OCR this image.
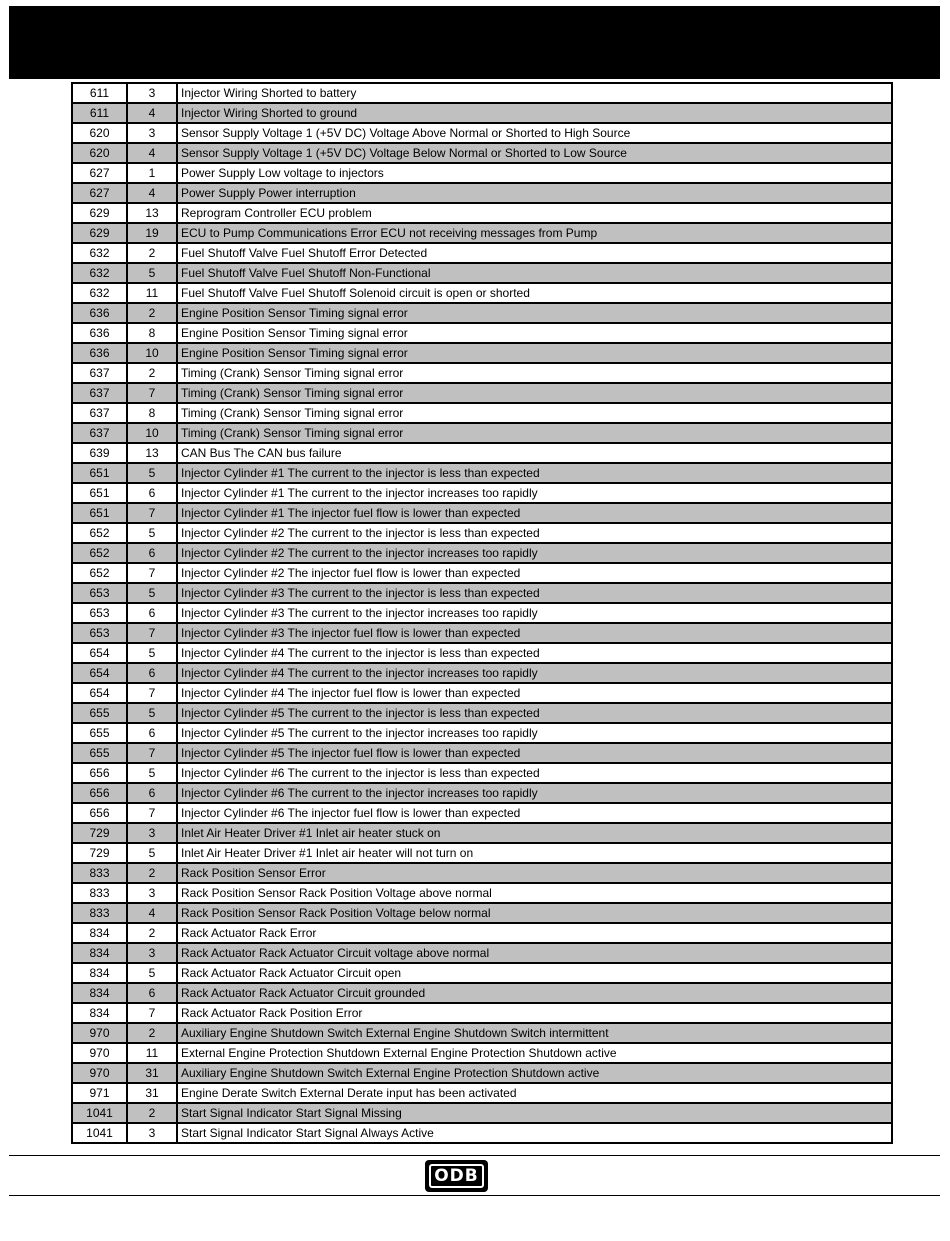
611	3	Injector Wiring Shorted to battery
611	4	Injector Wiring Shorted to ground
620	3	Sensor Supply Voltage 1 (+5V DC) Voltage Above Normal or Shorted to High Source
620	4	Sensor Supply Voltage 1 (+5V DC) Voltage Below Normal or Shorted to Low Source
627	1	Power Supply Low voltage to injectors
627	4	Power Supply Power interruption
629	13	Reprogram Controller ECU problem
629	19	ECU to Pump Communications Error ECU not receiving messages from Pump
632	2	Fuel Shutoff Valve Fuel Shutoff Error Detected
632	5	Fuel Shutoff Valve Fuel Shutoff Non-Functional
632	11	Fuel Shutoff Valve Fuel Shutoff Solenoid circuit is open or shorted
636	2	Engine Position Sensor Timing signal error
636	8	Engine Position Sensor Timing signal error
636	10	Engine Position Sensor Timing signal error
637	2	Timing (Crank) Sensor Timing signal error
637	7	Timing (Crank) Sensor Timing signal error
637	8	Timing (Crank) Sensor Timing signal error
637	10	Timing (Crank) Sensor Timing signal error
639	13	CAN Bus The CAN bus failure
651	5	Injector Cylinder #1 The current to the injector is less than expected
651	6	Injector Cylinder #1 The current to the injector increases too rapidly
651	7	Injector Cylinder #1 The injector fuel flow is lower than expected
652	5	Injector Cylinder #2 The current to the injector is less than expected
652	6	Injector Cylinder #2 The current to the injector increases too rapidly
652	7	Injector Cylinder #2 The injector fuel flow is lower than expected
653	5	Injector Cylinder #3 The current to the injector is less than expected
653	6	Injector Cylinder #3 The current to the injector increases too rapidly
653	7	Injector Cylinder #3 The injector fuel flow is lower than expected
654	5	Injector Cylinder #4 The current to the injector is less than expected
654	6	Injector Cylinder #4 The current to the injector increases too rapidly
654	7	Injector Cylinder #4 The injector fuel flow is lower than expected
655	5	Injector Cylinder #5 The current to the injector is less than expected
655	6	Injector Cylinder #5 The current to the injector increases too rapidly
655	7	Injector Cylinder #5 The injector fuel flow is lower than expected
656	5	Injector Cylinder #6 The current to the injector is less than expected
656	6	Injector Cylinder #6 The current to the injector increases too rapidly
656	7	Injector Cylinder #6 The injector fuel flow is lower than expected
729	3	Inlet Air Heater Driver #1 Inlet air heater stuck on
729	5	Inlet Air Heater Driver #1 Inlet air heater will not turn on
833	2	Rack Position Sensor Error
833	3	Rack Position Sensor Rack Position Voltage above normal
833	4	Rack Position Sensor Rack Position Voltage below normal
834	2	Rack Actuator Rack Error
834	3	Rack Actuator Rack Actuator Circuit voltage above normal
834	5	Rack Actuator Rack Actuator Circuit open
834	6	Rack Actuator Rack Actuator Circuit grounded
834	7	Rack Actuator Rack Position Error
970	2	Auxiliary Engine Shutdown Switch External Engine Shutdown Switch intermittent
970	11	External Engine Protection Shutdown External Engine Protection Shutdown active
970	31	Auxiliary Engine Shutdown Switch External Engine Protection Shutdown active
971	31	Engine Derate Switch External Derate input has been activated
1041	2	Start Signal Indicator Start Signal Missing
1041	3	Start Signal Indicator Start Signal Always Active
ODB
